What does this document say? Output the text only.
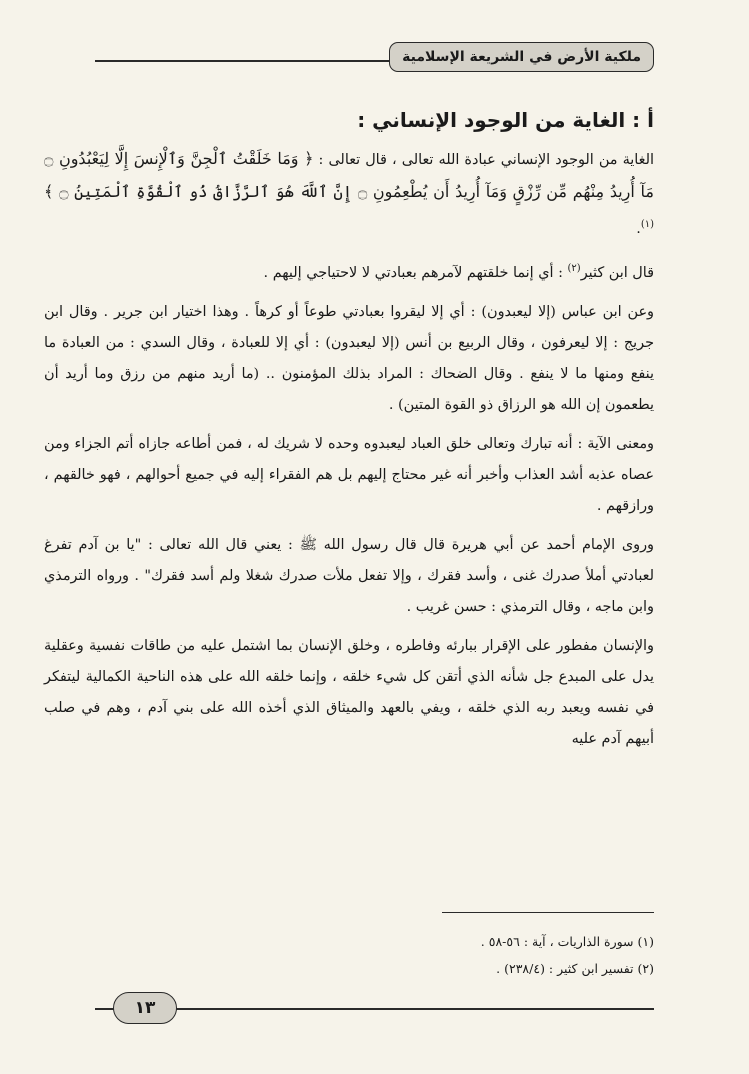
ملكية الأرض في الشريعة الإسلامية
أ : الغاية من الوجود الإنساني :

الغاية من الوجود الإنساني عبادة الله تعالى ، قال تعالى : ﴿ وَمَا خَلَقْتُ ٱلْجِنَّ وَٱلْإِنسَ إِلَّا لِيَعْبُدُونِ ۝ مَآ أُرِيدُ مِنْهُم مِّن رِّزْقٍ وَمَآ أُرِيدُ أَن يُطْعِمُونِ ۝ إِنَّ ٱللَّهَ هُوَ ٱلرَّزَّاقُ ذُو ٱلْقُوَّةِ ٱلْمَتِينُ ۝ ﴾$^{(١)}$.

قال ابن كثير$^{(٢)}$ : أي إنما خلقتهم لآمرهم بعبادتي لا لاحتياجي إليهم .

وعن ابن عباس (إلا ليعبدون) : أي إلا ليقروا بعبادتي طوعاً أو كرهاً . وهذا اختيار ابن جرير . وقال ابن جريج : إلا ليعرفون ، وقال الربيع بن أنس (إلا ليعبدون) : أي إلا للعبادة ، وقال السدي : من العبادة ما ينفع ومنها ما لا ينفع . وقال الضحاك : المراد بذلك المؤمنون .. (ما أريد منهم من رزق وما أريد أن يطعمون إن الله هو الرزاق ذو القوة المتين) .

ومعنى الآية : أنه تبارك وتعالى خلق العباد ليعبدوه وحده لا شريك له ، فمن أطاعه جازاه أتم الجزاء ومن عصاه عذبه أشد العذاب وأخبر أنه غير محتاج إليهم بل هم الفقراء إليه في جميع أحوالهم ، فهو خالقهم ، ورازقهم .

وروى الإمام أحمد عن أبي هريرة قال قال رسول الله ﷺ : يعني قال الله تعالى : "يا بن آدم تفرغ لعبادتي أملأ صدرك غنى ، وأسد فقرك ، وإلا تفعل ملأت صدرك شغلا ولم أسد فقرك" . ورواه الترمذي وابن ماجه ، وقال الترمذي : حسن غريب .

والإنسان مفطور على الإقرار ببارئه وفاطره ، وخلق الإنسان بما اشتمل عليه من طاقات نفسية وعقلية يدل على المبدع جل شأنه الذي أتقن كل شيء خلقه ، وإنما خلقه الله على هذه الناحية الكمالية ليتفكر في نفسه ويعبد ربه الذي خلقه ، ويفي بالعهد والميثاق الذي أخذه الله على بني آدم ، وهم في صلب أبيهم آدم عليه

(١) سورة الذاريات ، آية : ٥٦-٥٨ .

(٢) تفسير ابن كثير : (٢٣٨/٤) .

١٣
